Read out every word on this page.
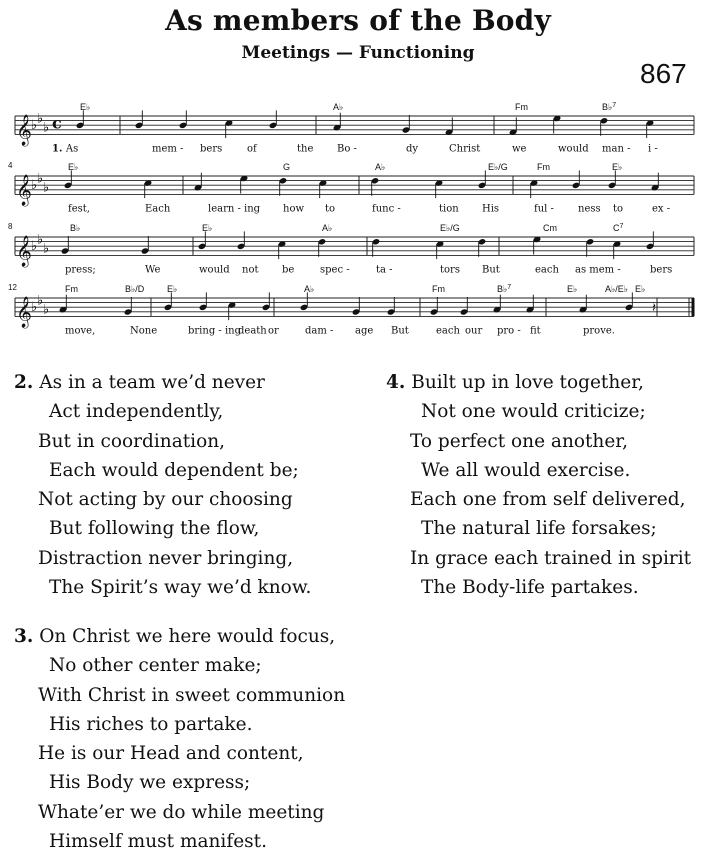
As members of the Body
Meetings — Functioning
867
𝄞 ♭ ♭
♭ c
E♭	A♭	Fm	B♭$^7$
1. As	mem - bers of	the Bo -	dy	Christ	we	would man - i -
𝄞 ♭ ♭
♭
4	E♭	G	A♭	E♭/G	Fm	E♭
fest,	Each	learn - ing how to	func -	tion His	ful - ness to	ex -
𝄞 ♭ ♭
♭
8	B♭	E♭	A♭	E♭/G	Cm	$C^7$
press;	We	would not be	spec -	ta -	tors But	each as mem -	bers
𝄞 ♭ ♭
♭
12
𝄽
Fm	B♭/D	E♭	A♭	Fm	B♭$^7$	E♭	A♭/E♭ E♭
move,	None	bring - ing
death or	dam - age But	each our pro - fit	prove.
2. As in a team we’d never
Act independently,
But in coordination,
Each would dependent be;
Not acting by our choosing
But following the flow,
Distraction never bringing,
The Spirit’s way we’d know.
4. Built up in love together,
Not one would criticize;
To perfect one another,
We all would exercise.
Each one from self delivered,
The natural life forsakes;
In grace each trained in spirit
The Body-life partakes.
3. On Christ we here would focus,
No other center make;
With Christ in sweet communion
His riches to partake.
He is our Head and content,
His Body we express;
Whate’er we do while meeting
Himself must manifest.
